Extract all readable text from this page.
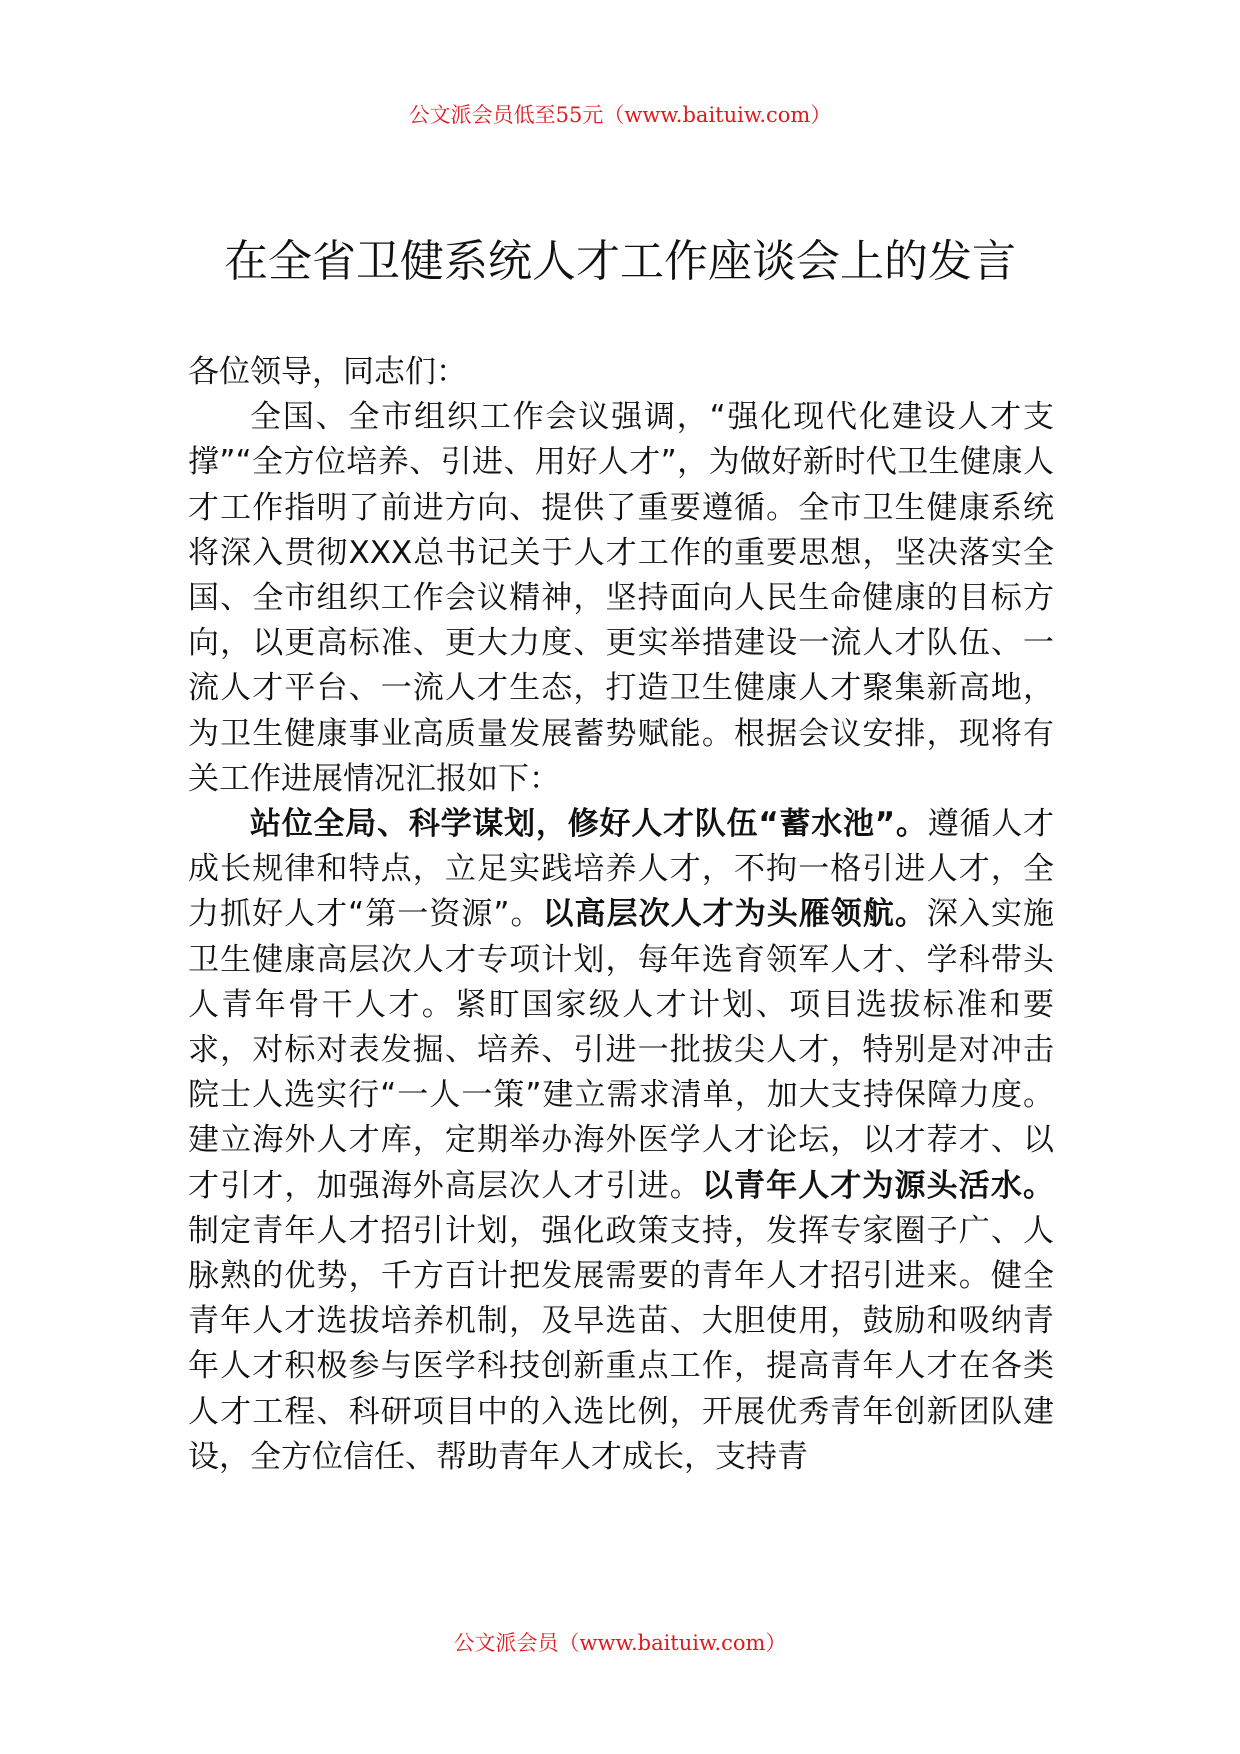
公文派会员低至55元（www.baituiw.com）
在全省卫健系统人才工作座谈会上的发言

各位领导，同志们：

全国、全市组织工作会议强调，“强化现代化建设人才支撑”“全方位培养、引进、用好人才”，为做好新时代卫生健康人才工作指明了前进方向、提供了重要遵循。全市卫生健康系统将深入贯彻XXX总书记关于人才工作的重要思想，坚决落实全国、全市组织工作会议精神，坚持面向人民生命健康的目标方向，以更高标准、更大力度、更实举措建设一流人才队伍、一流人才平台、一流人才生态，打造卫生健康人才聚集新高地，为卫生健康事业高质量发展蓄势赋能。根据会议安排，现将有关工作进展情况汇报如下：

站位全局、科学谋划，修好人才队伍“蓄水池”。遵循人才成长规律和特点，立足实践培养人才，不拘一格引进人才，全力抓好人才“第一资源”。以高层次人才为头雁领航。深入实施卫生健康高层次人才专项计划，每年选育领军人才、学科带头人青年骨干人才。紧盯国家级人才计划、项目选拔标准和要求，对标对表发掘、培养、引进一批拔尖人才，特别是对冲击院士人选实行“一人一策”建立需求清单，加大支持保障力度。建立海外人才库，定期举办海外医学人才论坛，以才荐才、以才引才，加强海外高层次人才引进。以青年人才为源头活水。制定青年人才招引计划，强化政策支持，发挥专家圈子广、人脉熟的优势，千方百计把发展需要的青年人才招引进来。健全青年人才选拔培养机制，及早选苗、大胆使用，鼓励和吸纳青年人才积极参与医学科技创新重点工作，提高青年人才在各类人才工程、科研项目中的入选比例，开展优秀青年创新团队建设，全方位信任、帮助青年人才成长，支持青

公文派会员（www.baituiw.com）
